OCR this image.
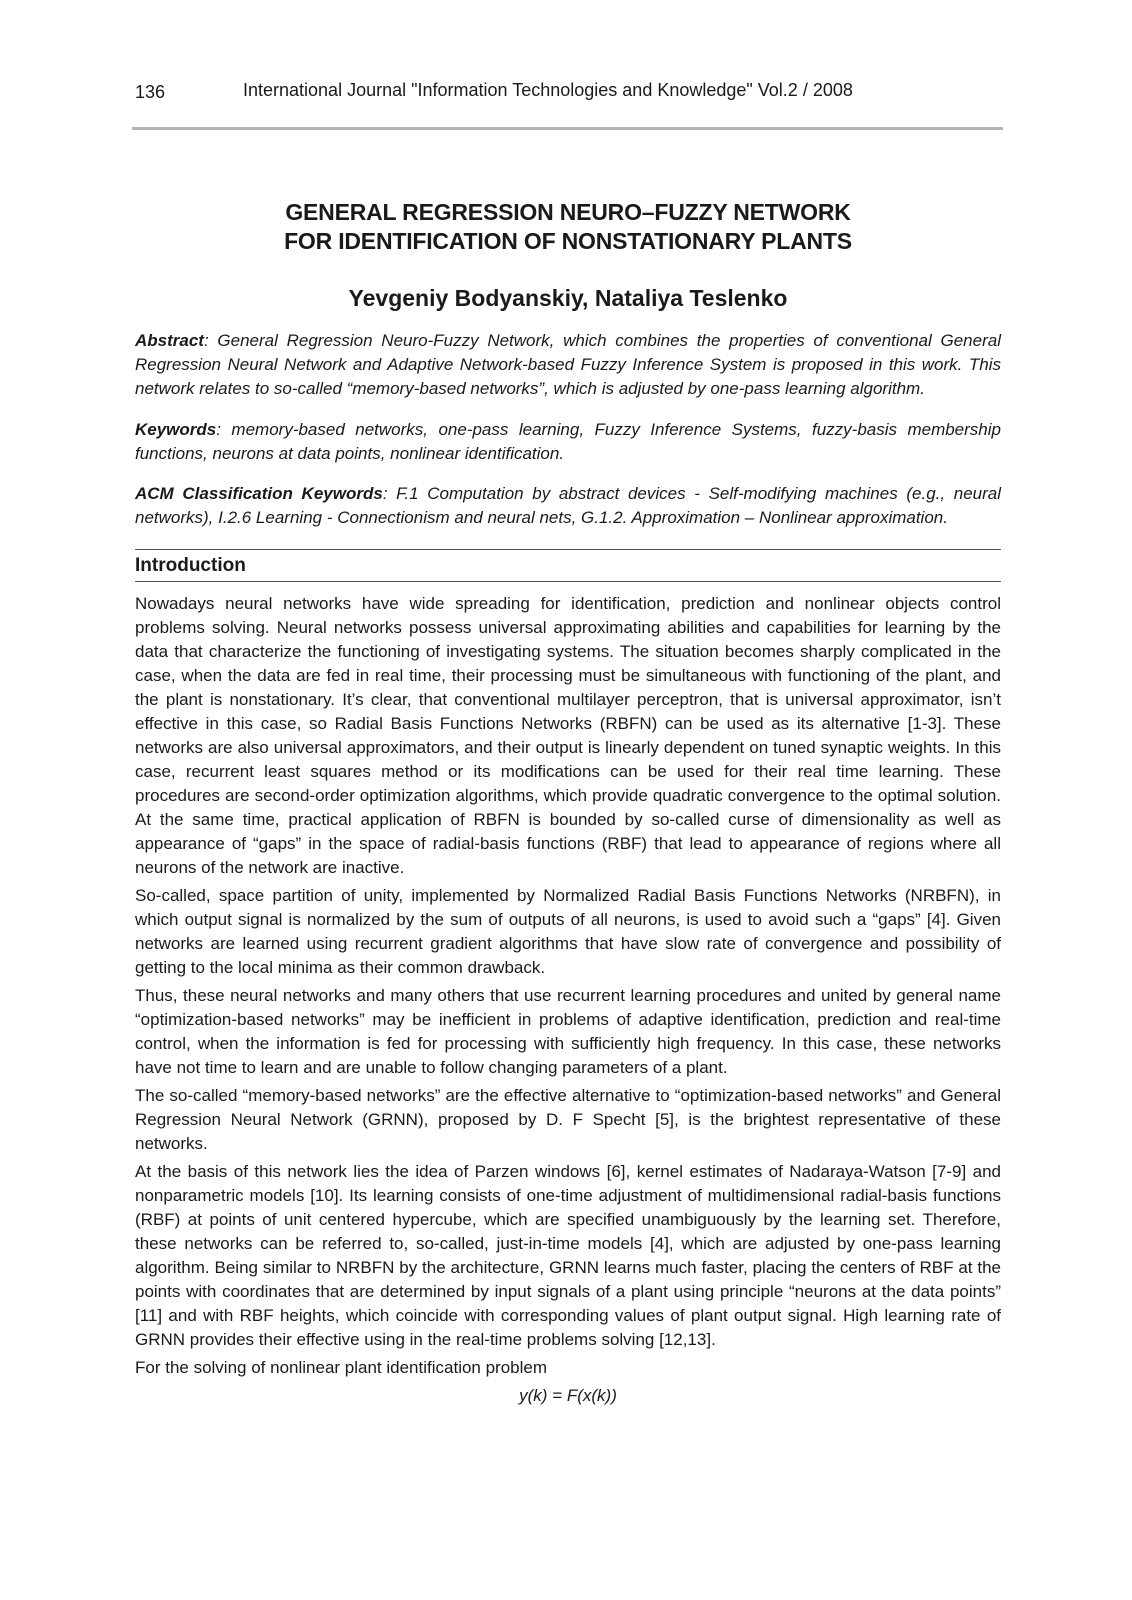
136	International Journal "Information Technologies and Knowledge" Vol.2 / 2008
GENERAL REGRESSION NEURO–FUZZY NETWORK
FOR IDENTIFICATION OF NONSTATIONARY PLANTS
Yevgeniy Bodyanskiy, Nataliya Teslenko
Abstract: General Regression Neuro-Fuzzy Network, which combines the properties of conventional General Regression Neural Network and Adaptive Network-based Fuzzy Inference System is proposed in this work. This network relates to so-called “memory-based networks”, which is adjusted by one-pass learning algorithm.
Keywords: memory-based networks, one-pass learning, Fuzzy Inference Systems, fuzzy-basis membership functions, neurons at data points, nonlinear identification.
ACM Classification Keywords: F.1 Computation by abstract devices - Self-modifying machines (e.g., neural networks), I.2.6 Learning - Connectionism and neural nets, G.1.2. Approximation – Nonlinear approximation.
Introduction

Nowadays neural networks have wide spreading for identification, prediction and nonlinear objects control problems solving. Neural networks possess universal approximating abilities and capabilities for learning by the data that characterize the functioning of investigating systems. The situation becomes sharply complicated in the case, when the data are fed in real time, their processing must be simultaneous with functioning of the plant, and the plant is nonstationary. It’s clear, that conventional multilayer perceptron, that is universal approximator, isn’t effective in this case, so Radial Basis Functions Networks (RBFN) can be used as its alternative [1-3]. These networks are also universal approximators, and their output is linearly dependent on tuned synaptic weights. In this case, recurrent least squares method or its modifications can be used for their real time learning. These procedures are second-order optimization algorithms, which provide quadratic convergence to the optimal solution. At the same time, practical application of RBFN is bounded by so-called curse of dimensionality as well as appearance of “gaps” in the space of radial-basis functions (RBF) that lead to appearance of regions where all neurons of the network are inactive.

So-called, space partition of unity, implemented by Normalized Radial Basis Functions Networks (NRBFN), in which output signal is normalized by the sum of outputs of all neurons, is used to avoid such a “gaps” [4]. Given networks are learned using recurrent gradient algorithms that have slow rate of convergence and possibility of getting to the local minima as their common drawback.

Thus, these neural networks and many others that use recurrent learning procedures and united by general name “optimization-based networks” may be inefficient in problems of adaptive identification, prediction and real-time control, when the information is fed for processing with sufficiently high frequency. In this case, these networks have not time to learn and are unable to follow changing parameters of a plant.

The so-called “memory-based networks” are the effective alternative to “optimization-based networks” and General Regression Neural Network (GRNN), proposed by D. F Specht [5], is the brightest representative of these networks.

At the basis of this network lies the idea of Parzen windows [6], kernel estimates of Nadaraya-Watson [7-9] and nonparametric models [10]. Its learning consists of one-time adjustment of multidimensional radial-basis functions (RBF) at points of unit centered hypercube, which are specified unambiguously by the learning set. Therefore, these networks can be referred to, so-called, just-in-time models [4], which are adjusted by one-pass learning algorithm. Being similar to NRBFN by the architecture, GRNN learns much faster, placing the centers of RBF at the points with coordinates that are determined by input signals of a plant using principle “neurons at the data points” [11] and with RBF heights, which coincide with corresponding values of plant output signal. High learning rate of GRNN provides their effective using in the real-time problems solving [12,13].

For the solving of nonlinear plant identification problem

y(k) = F(x(k))
